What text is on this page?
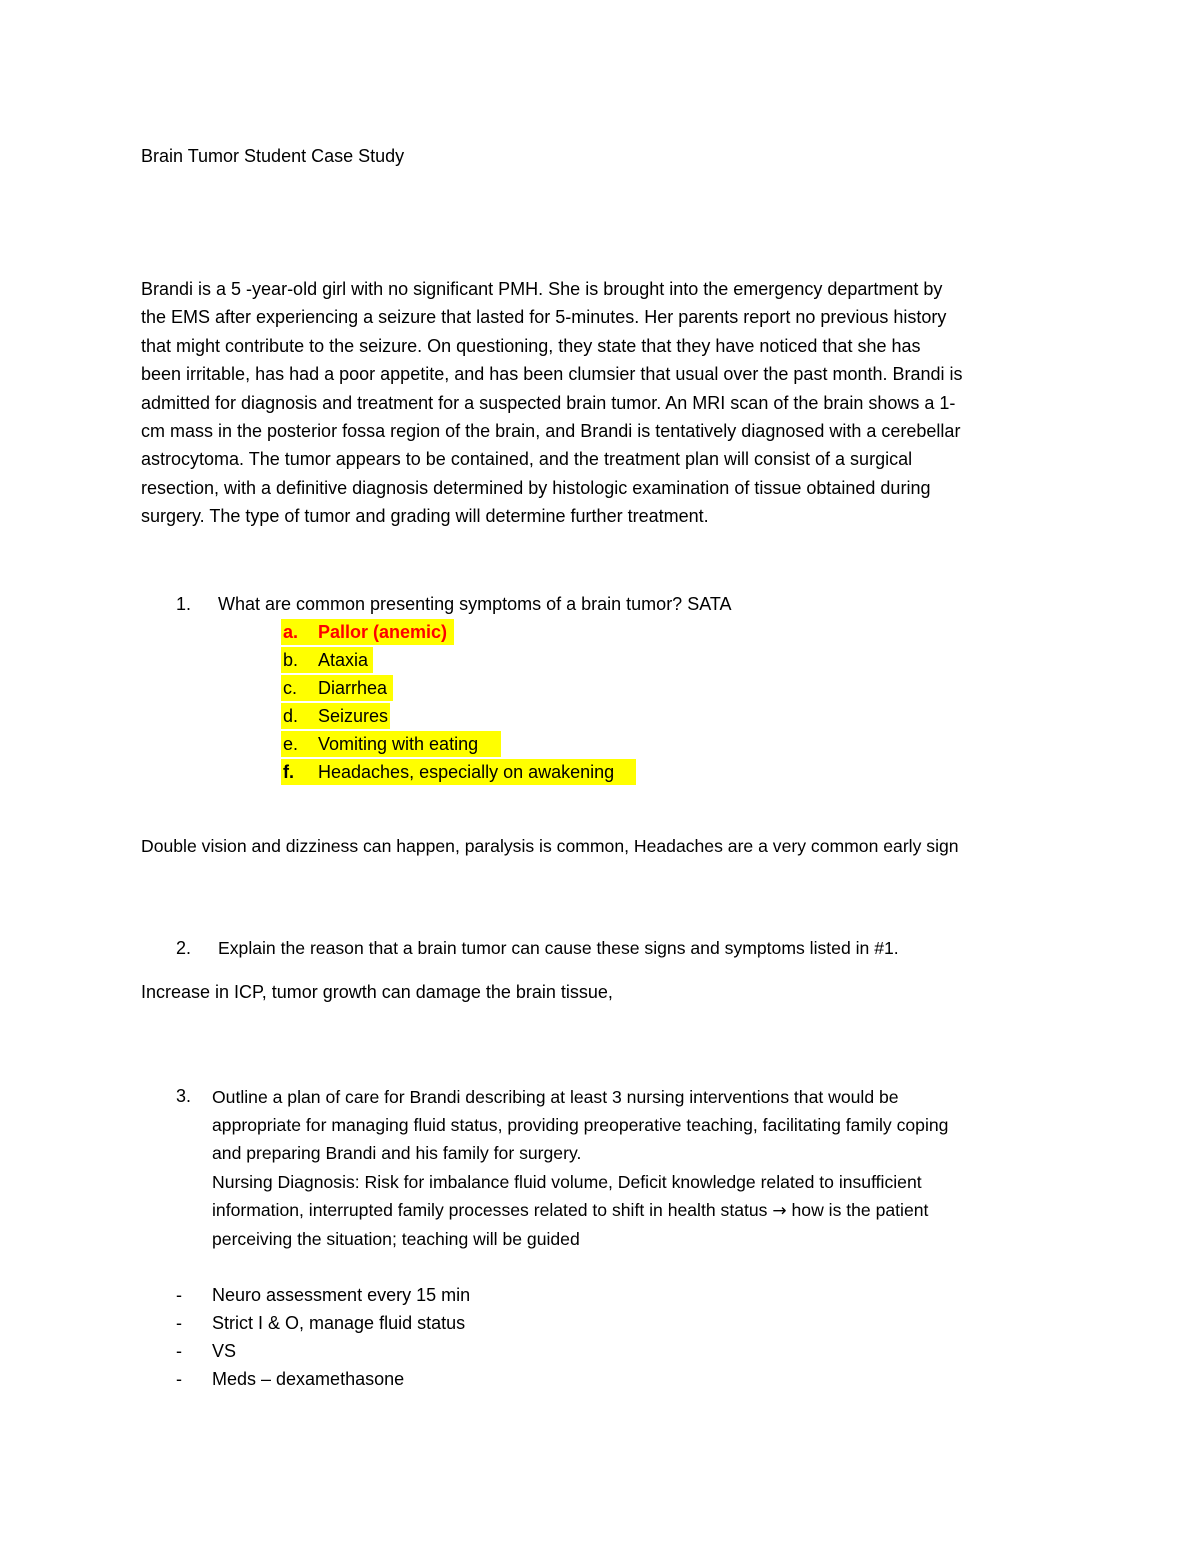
Brain Tumor Student Case Study
Brandi is a 5 -year-old girl with no significant PMH. She is brought into the emergency department by
the EMS after experiencing a seizure that lasted for 5-minutes. Her parents report no previous history
that might contribute to the seizure. On questioning, they state that they have noticed that she has
been irritable, has had a poor appetite, and has been clumsier that usual over the past month. Brandi is
admitted for diagnosis and treatment for a suspected brain tumor. An MRI scan of the brain shows a 1-
cm mass in the posterior fossa region of the brain, and Brandi is tentatively diagnosed with a cerebellar
astrocytoma. The tumor appears to be contained, and the treatment plan will consist of a surgical
resection, with a definitive diagnosis determined by histologic examination of tissue obtained during
surgery. The type of tumor and grading will determine further treatment.
1. What are common presenting symptoms of a brain tumor? SATA
a. Pallor (anemic)
b. Ataxia
c. Diarrhea
d. Seizures
e. Vomiting with eating
f. Headaches, especially on awakening
Double vision and dizziness can happen, paralysis is common, Headaches are a very common early sign
2. Explain the reason that a brain tumor can cause these signs and symptoms listed in #1.
Increase in ICP, tumor growth can damage the brain tissue,
3. Outline a plan of care for Brandi describing at least 3 nursing interventions that would be
appropriate for managing fluid status, providing preoperative teaching, facilitating family coping
and preparing Brandi and his family for surgery.
Nursing Diagnosis: Risk for imbalance fluid volume, Deficit knowledge related to insufficient
information, interrupted family processes related to shift in health status → how is the patient
perceiving the situation; teaching will be guided
- Neuro assessment every 15 min
- Strict I & O, manage fluid status
- VS
- Meds – dexamethasone
